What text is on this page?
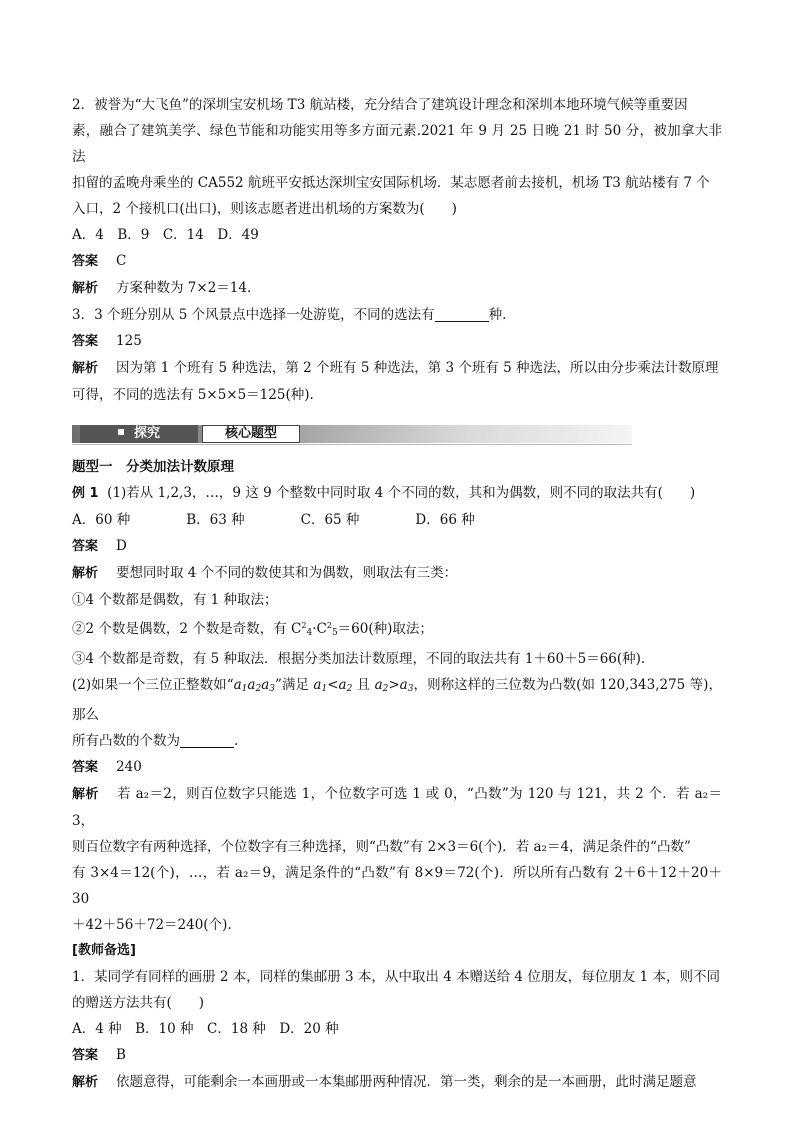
2．被誉为“大飞鱼”的深圳宝安机场 T3 航站楼，充分结合了建筑设计理念和深圳本地环境气候等重要因

素，融合了建筑美学、绿色节能和功能实用等多方面元素.2021 年 9 月 25 日晚 21 时 50 分，被加拿大非法

扣留的孟晚舟乘坐的 CA552 航班平安抵达深圳宝安国际机场．某志愿者前去接机，机场 T3 航站楼有 7 个

入口，2 个接机口(出口)，则该志愿者进出机场的方案数为(　　)

A．4　B．9　C．14　D．49

答案 C

解析 方案种数为 7×2＝14.

3．3 个班分别从 5 个风景点中选择一处游览，不同的选法有	种.

答案 125

解析 因为第 1 个班有 5 种选法，第 2 个班有 5 种选法，第 3 个班有 5 种选法，所以由分步乘法计数原理

可得，不同的选法有 5×5×5＝125(种).

探究	核心题型

题型一　分类加法计数原理

例 1 (1)若从 1,2,3，…，9 这 9 个整数中同时取 4 个不同的数，其和为偶数，则不同的取法共有(　　)

A．60 种	B．63 种	C．65 种	D．66 种

答案 D

解析 要想同时取 4 个不同的数使其和为偶数，则取法有三类：

①4 个数都是偶数，有 1 种取法；

②2 个数是偶数，2 个数是奇数，有 $C^2_4\cdot C^2_5=60$(种)取法；

③4 个数都是奇数，有 5 种取法．根据分类加法计数原理，不同的取法共有 1＋60＋5＝66(种).

(2)如果一个三位正整数如“$a_1a_2a_3$”满足 $a_1<a_2$ 且 $a_2>a_3$，则称这样的三位数为凸数(如 120,343,275 等)，那么

所有凸数的个数为	.

答案 240

解析 若 a₂＝2，则百位数字只能选 1，个位数字可选 1 或 0，“凸数”为 120 与 121，共 2 个．若 a₂＝3，

则百位数字有两种选择，个位数字有三种选择，则“凸数”有 2×3＝6(个)．若 a₂＝4，满足条件的“凸数”

有 3×4＝12(个)，…，若 a₂＝9，满足条件的“凸数”有 8×9＝72(个)．所以所有凸数有 2＋6＋12＋20＋30

＋42＋56＋72＝240(个).

[教师备选]

1．某同学有同样的画册 2 本，同样的集邮册 3 本，从中取出 4 本赠送给 4 位朋友，每位朋友 1 本，则不同

的赠送方法共有(　　)

A．4 种　B．10 种　C．18 种　D．20 种

答案 B

解析 依题意得，可能剩余一本画册或一本集邮册两种情况．第一类，剩余的是一本画册，此时满足题意
